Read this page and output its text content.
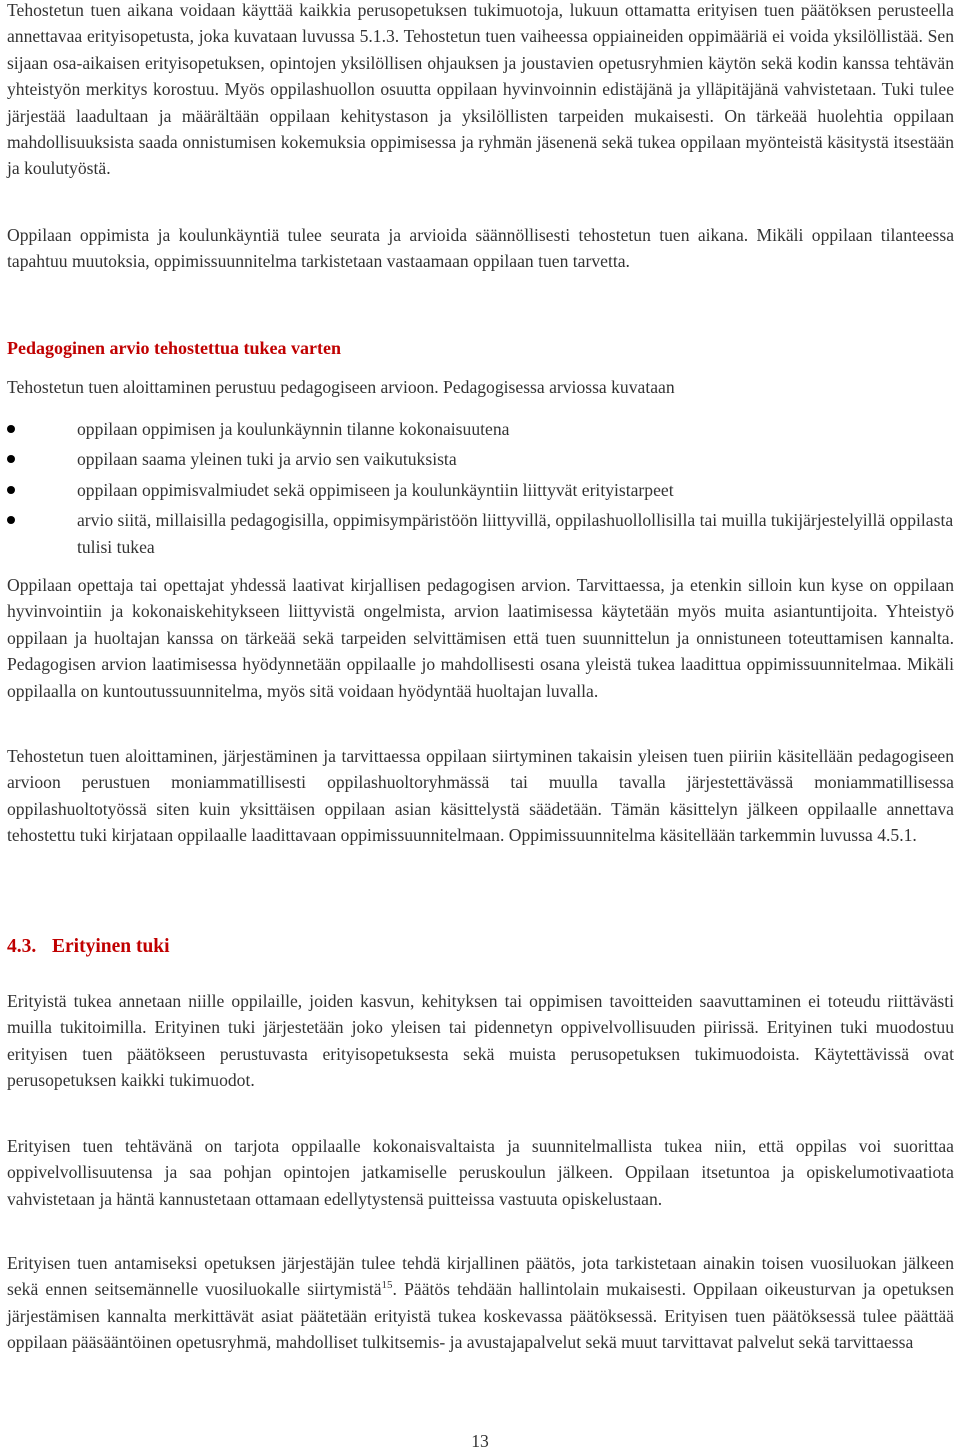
Tehostetun tuen aikana voidaan käyttää kaikkia perusopetuksen tukimuotoja, lukuun ottamatta erityisen tuen päätöksen perusteella annettavaa erityisopetusta, joka kuvataan luvussa 5.1.3. Tehostetun tuen vaiheessa oppiaineiden oppimääriä ei voida yksilöllistää. Sen sijaan osa-aikaisen erityisopetuksen, opintojen yksilöllisen ohjauksen ja joustavien opetusryhmien käytön sekä kodin kanssa tehtävän yhteistyön merkitys korostuu. Myös oppilashuollon osuutta oppilaan hyvinvoinnin edistäjänä ja ylläpitäjänä vahvistetaan. Tuki tulee järjestää laadultaan ja määrältään oppilaan kehitystason ja yksilöllisten tarpeiden mukaisesti. On tärkeää huolehtia oppilaan mahdollisuuksista saada onnistumisen kokemuksia oppimisessa ja ryhmän jäsenenä sekä tukea oppilaan myönteistä käsitystä itsestään ja koulutyöstä.

Oppilaan oppimista ja koulunkäyntiä tulee seurata ja arvioida säännöllisesti tehostetun tuen aikana. Mikäli oppilaan tilanteessa tapahtuu muutoksia, oppimissuunnitelma tarkistetaan vastaamaan oppilaan tuen tarvetta.

Pedagoginen arvio tehostettua tukea varten

Tehostetun tuen aloittaminen perustuu pedagogiseen arvioon. Pedagogisessa arviossa kuvataan

oppilaan oppimisen ja koulunkäynnin tilanne kokonaisuutena
oppilaan saama yleinen tuki ja arvio sen vaikutuksista
oppilaan oppimisvalmiudet sekä oppimiseen ja koulunkäyntiin liittyvät erityistarpeet
arvio siitä, millaisilla pedagogisilla, oppimisympäristöön liittyvillä, oppilashuollollisilla tai muilla tukijärjestelyillä oppilasta tulisi tukea

Oppilaan opettaja tai opettajat yhdessä laativat kirjallisen pedagogisen arvion. Tarvittaessa, ja etenkin silloin kun kyse on oppilaan hyvinvointiin ja kokonaiskehitykseen liittyvistä ongelmista, arvion laatimisessa käytetään myös muita asiantuntijoita. Yhteistyö oppilaan ja huoltajan kanssa on tärkeää sekä tarpeiden selvittämisen että tuen suunnittelun ja onnistuneen toteuttamisen kannalta. Pedagogisen arvion laatimisessa hyödynnetään oppilaalle jo mahdollisesti osana yleistä tukea laadittua oppimissuunnitelmaa. Mikäli oppilaalla on kuntoutussuunnitelma, myös sitä voidaan hyödyntää huoltajan luvalla.

Tehostetun tuen aloittaminen, järjestäminen ja tarvittaessa oppilaan siirtyminen takaisin yleisen tuen piiriin käsitellään pedagogiseen arvioon perustuen moniammatillisesti oppilashuoltoryhmässä tai muulla tavalla järjestettävässä moniammatillisessa oppilashuoltotyössä siten kuin yksittäisen oppilaan asian käsittelystä säädetään. Tämän käsittelyn jälkeen oppilaalle annettava tehostettu tuki kirjataan oppilaalle laadittavaan oppimissuunnitelmaan. Oppimissuunnitelma käsitellään tarkemmin luvussa 4.5.1.

4.3. Erityinen tuki

Erityistä tukea annetaan niille oppilaille, joiden kasvun, kehityksen tai oppimisen tavoitteiden saavuttaminen ei toteudu riittävästi muilla tukitoimilla. Erityinen tuki järjestetään joko yleisen tai pidennetyn oppivelvollisuuden piirissä. Erityinen tuki muodostuu erityisen tuen päätökseen perustuvasta erityisopetuksesta sekä muista perusopetuksen tukimuodoista. Käytettävissä ovat perusopetuksen kaikki tukimuodot.

Erityisen tuen tehtävänä on tarjota oppilaalle kokonaisvaltaista ja suunnitelmallista tukea niin, että oppilas voi suorittaa oppivelvollisuutensa ja saa pohjan opintojen jatkamiselle peruskoulun jälkeen. Oppilaan itsetuntoa ja opiskelumotivaatiota vahvistetaan ja häntä kannustetaan ottamaan edellytystensä puitteissa vastuuta opiskelustaan.

Erityisen tuen antamiseksi opetuksen järjestäjän tulee tehdä kirjallinen päätös, jota tarkistetaan ainakin toisen vuosiluokan jälkeen sekä ennen seitsemännelle vuosiluokalle siirtymistä$^{15}$. Päätös tehdään hallintolain mukaisesti. Oppilaan oikeusturvan ja opetuksen järjestämisen kannalta merkittävät asiat päätetään erityistä tukea koskevassa päätöksessä. Erityisen tuen päätöksessä tulee päättää oppilaan pääsääntöinen opetusryhmä, mahdolliset tulkitsemis- ja avustajapalvelut sekä muut tarvittavat palvelut sekä tarvittaessa

13
